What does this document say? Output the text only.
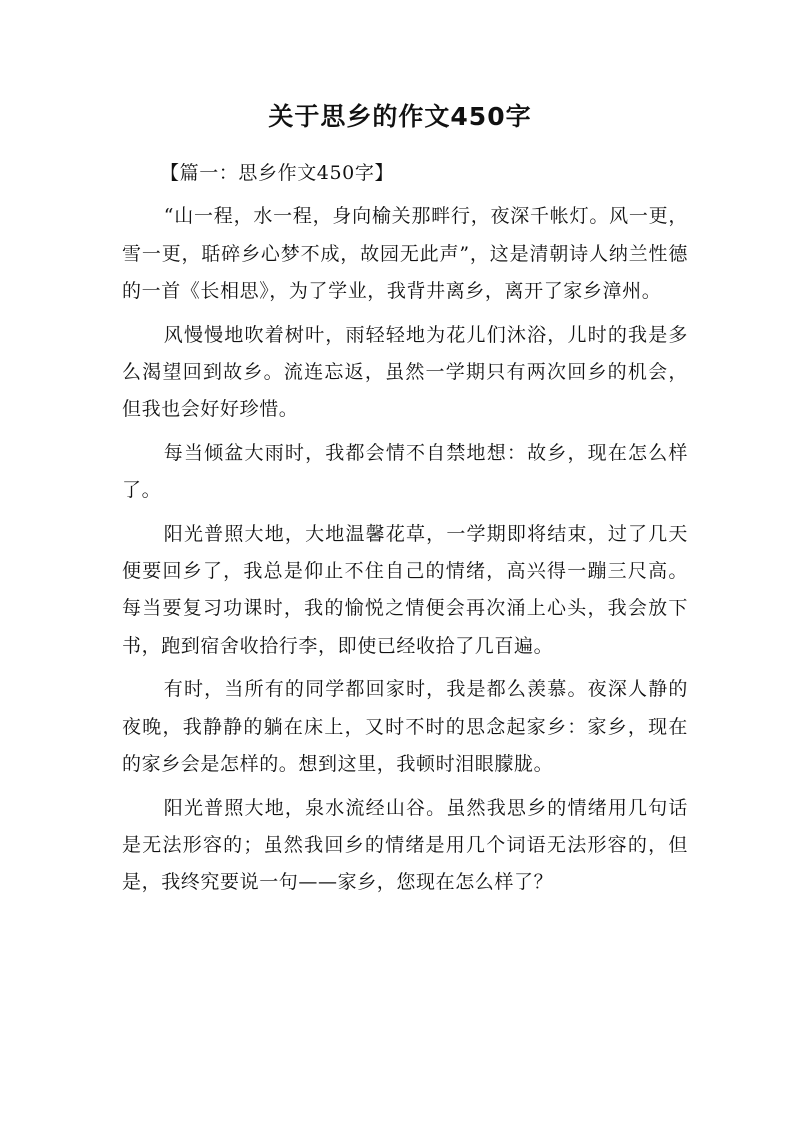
关于思乡的作文450字

【篇一：思乡作文450字】

“山一程，水一程，身向榆关那畔行，夜深千帐灯。风一更，雪一更，聒碎乡心梦不成，故园无此声”，这是清朝诗人纳兰性德的一首《长相思》，为了学业，我背井离乡，离开了家乡漳州。

风慢慢地吹着树叶，雨轻轻地为花儿们沐浴，儿时的我是多么渴望回到故乡。流连忘返，虽然一学期只有两次回乡的机会，但我也会好好珍惜。

每当倾盆大雨时，我都会情不自禁地想：故乡，现在怎么样了。

阳光普照大地，大地温馨花草，一学期即将结束，过了几天便要回乡了，我总是仰止不住自己的情绪，高兴得一蹦三尺高。每当要复习功课时，我的愉悦之情便会再次涌上心头，我会放下书，跑到宿舍收拾行李，即使已经收拾了几百遍。

有时，当所有的同学都回家时，我是都么羡慕。夜深人静的夜晚，我静静的躺在床上，又时不时的思念起家乡：家乡，现在的家乡会是怎样的。想到这里，我顿时泪眼朦胧。

阳光普照大地，泉水流经山谷。虽然我思乡的情绪用几句话是无法形容的；虽然我回乡的情绪是用几个词语无法形容的，但是，我终究要说一句——家乡，您现在怎么样了？
